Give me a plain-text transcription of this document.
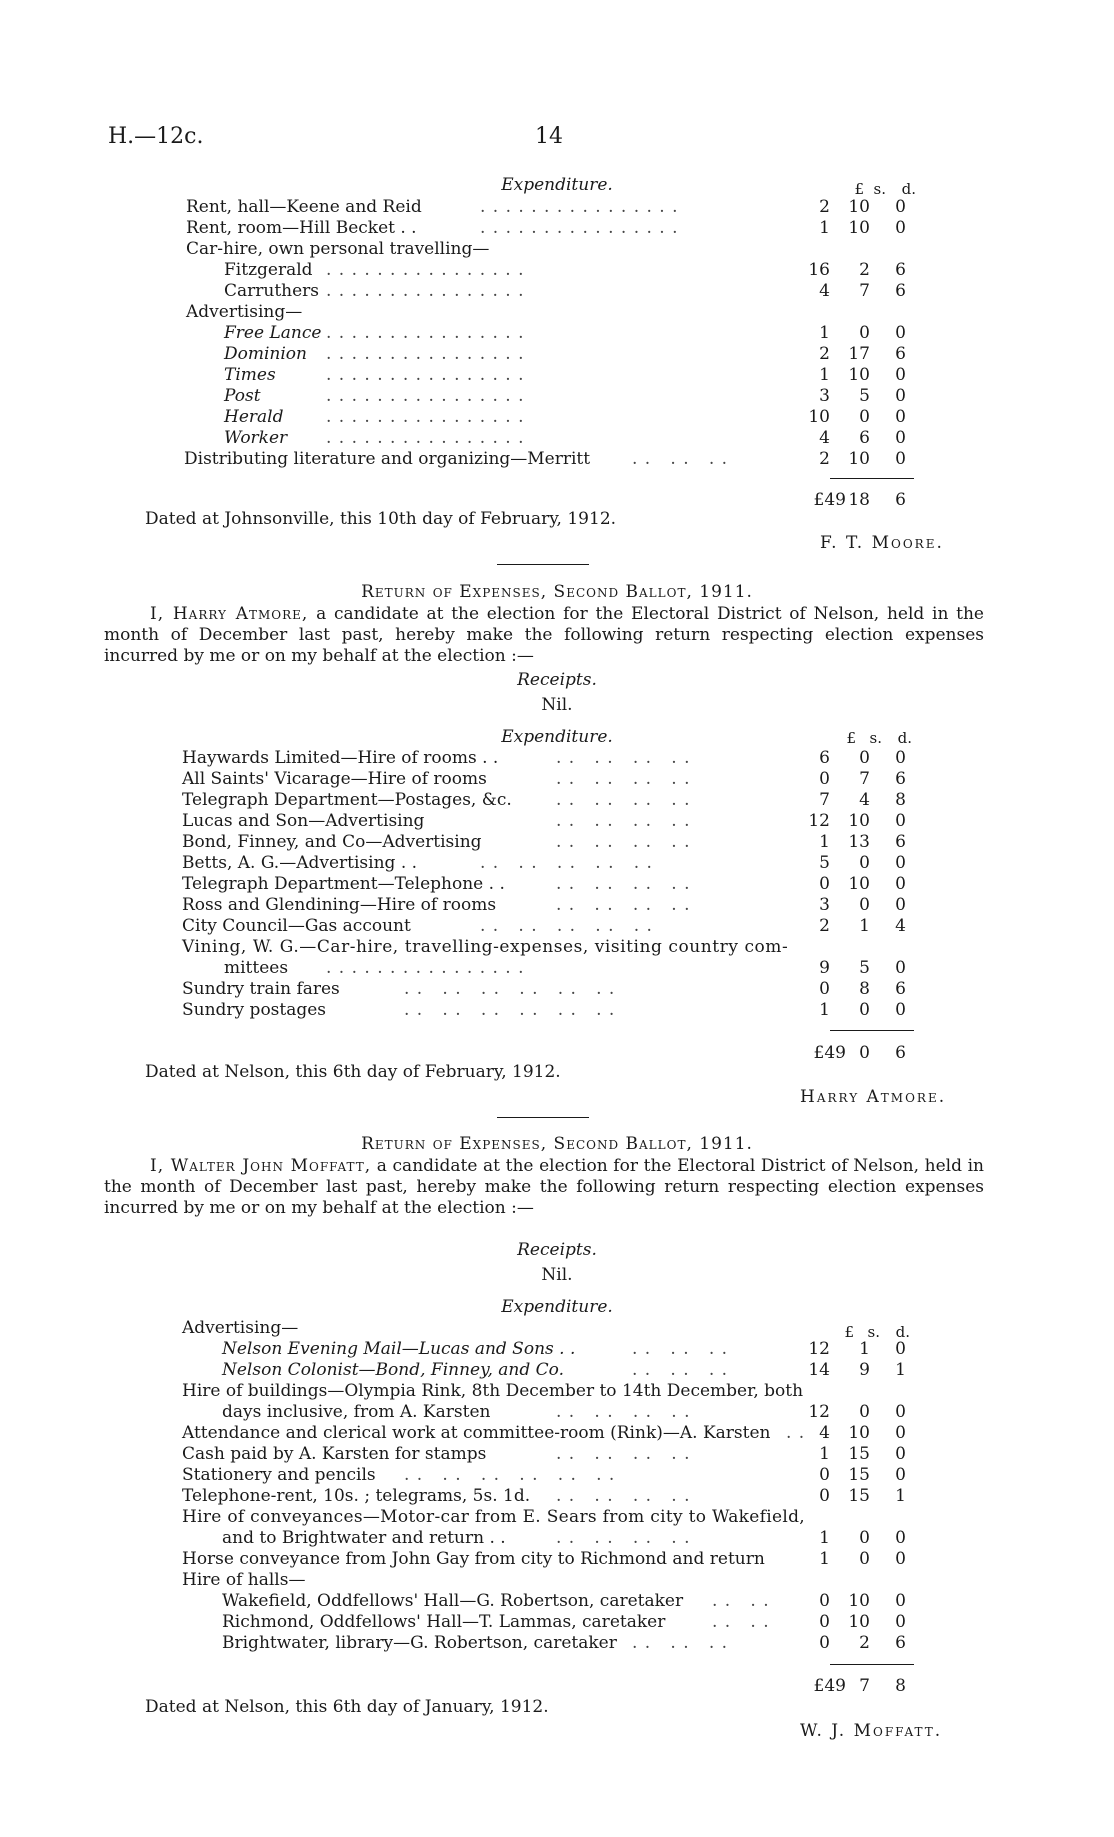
H.—12c.	14
Expenditure.	£ s.	d.
Rent, hall—Keene and Reid	. . . . . . . . . . . . . . . .	2	10	0
Rent, room—Hill Becket . .	. . . . . . . . . . . . . . . .	1	10	0
Car-hire, own personal travelling—
Fitzgerald . . . . . . . . . . . . . . . .	16	2	6
Carruthers . . . . . . . . . . . . . . . .	4	7	6
Advertising—
Free Lance . . . . . . . . . . . . . . . .	1	0	0
Dominion . . . . . . . . . . . . . . . .	2	17	6
Times	. . . . . . . . . . . . . . . .	1	10	0
Post	. . . . . . . . . . . . . . . .	3	5	0
Herald	. . . . . . . . . . . . . . . .	10	0	0
Worker . . . . . . . . . . . . . . . .	4	6	0
Distributing literature and organizing—Merritt . .   . .   . .	2	10	0
£49 18	6
Dated at Johnsonville, this 10th day of February, 1912.
F. T. Moore.
Return of Expenses, Second Ballot, 1911.
I, Harry Atmore, a candidate at the election for the Electoral District of Nelson, held in the month of December last past, hereby make the following return respecting election expenses incurred by me or on my behalf at the election :—
Receipts.
Nil.
Expenditure.	£ s.	d.
Haywards Limited—Hire of rooms . .	. .   . .   . .   . .	6	0	0
All Saints' Vicarage—Hire of rooms	. .   . .   . .   . .	0	7	6
Telegraph Department—Postages, &c.	. .   . .   . .   . .	7	4	8
Lucas and Son—Advertising	. .   . .   . .   . .	12	10	0
Bond, Finney, and Co—Advertising	. .   . .   . .   . .	1	13	6
Betts, A. G.—Advertising . .	. .   . .   . .   . .   . .	5	0	0
Telegraph Department—Telephone . .	. .   . .   . .   . .	0	10	0
Ross and Glendining—Hire of rooms	. .   . .   . .   . .	3	0	0
City Council—Gas account	. .   . .   . .   . .   . .	2	1	4
Vining, W. G.—Car-hire, travelling-expenses, visiting country com-
mittees . . . . . . . . . . . . . . . .	9	5	0
Sundry train fares	. .   . .   . .   . .   . .   . .	0	8	6
Sundry postages	. .   . .   . .   . .   . .   . .	1	0	0
£49 0	6
Dated at Nelson, this 6th day of February, 1912.
Harry Atmore.
Return of Expenses, Second Ballot, 1911.
I, Walter John Moffatt, a candidate at the election for the Electoral District of Nelson, held in the month of December last past, hereby make the following return respecting election expenses incurred by me or on my behalf at the election :—
Receipts.
Nil.
Expenditure.
£ s.	d.
Advertising—
Nelson Evening Mail—Lucas and Sons . .	. .   . .   . .	12	1	0
Nelson Colonist—Bond, Finney, and Co.	. .   . .   . .	14	9	1
Hire of buildings—Olympia Rink, 8th December to 14th December, both
days inclusive, from A. Karsten	. .   . .   . .   . .	12	0	0
Attendance and clerical work at committee-room (Rink)—A. Karsten . . 4	10	0
Cash paid by A. Karsten for stamps	. .   . .   . .   . .	1	15	0
Stationery and pencils . .   . .   . .   . .   . .   . .	0	15	0
Telephone-rent, 10s. ; telegrams, 5s. 1d. . .   . .   . .   . .	0	15	1
Hire of conveyances—Motor-car from E. Sears from city to Wakefield,
and to Brightwater and return . .	. .   . .   . .   . .	1	0	0
Horse conveyance from John Gay from city to Richmond and return	1	0	0
Hire of halls—
Wakefield, Oddfellows' Hall—G. Robertson, caretaker . .   . .	0	10	0
Richmond, Oddfellows' Hall—T. Lammas, caretaker	. .   . .	0	10	0
Brightwater, library—G. Robertson, caretaker . .   . .   . .	0	2	6
£49 7	8
Dated at Nelson, this 6th day of January, 1912.
W. J. Moffatt.
